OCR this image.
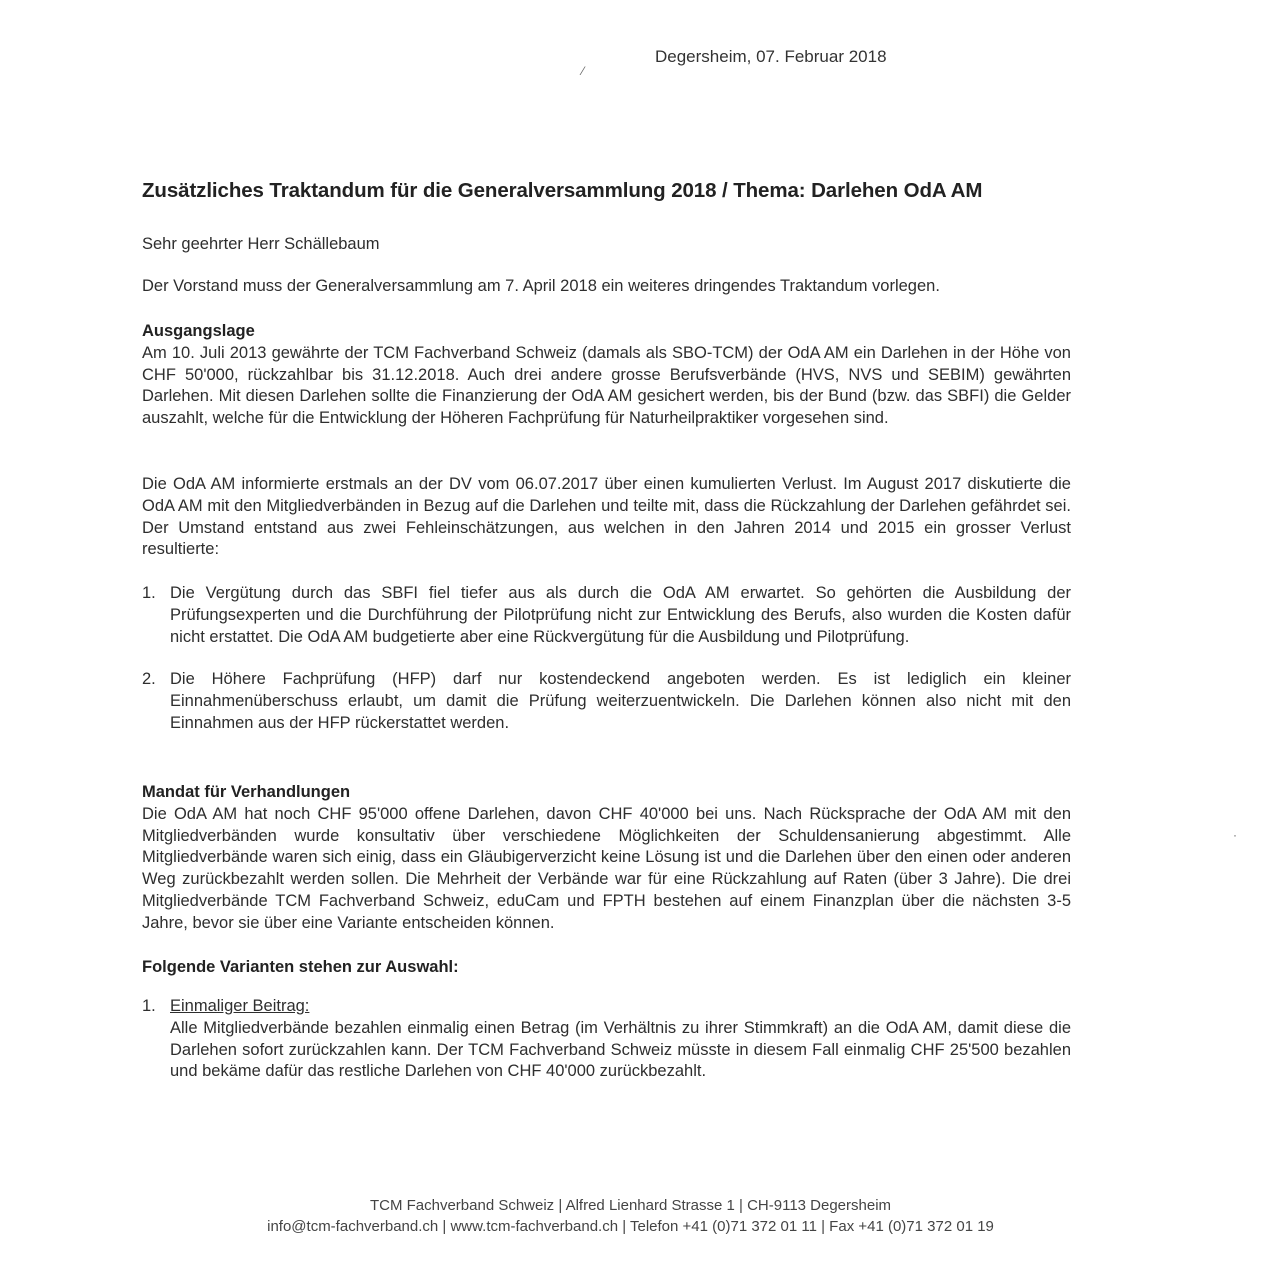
Degersheim, 07. Februar 2018
⁄
Zusätzliches Traktandum für die Generalversammlung 2018 / Thema: Darlehen OdA AM
Sehr geehrter Herr Schällebaum
Der Vorstand muss der Generalversammlung am 7. April 2018 ein weiteres dringendes Traktandum vorlegen.
Ausgangslage

Am 10. Juli 2013 gewährte der TCM Fachverband Schweiz (damals als SBO-TCM) der OdA AM ein Darlehen in der Höhe von CHF 50'000, rückzahlbar bis 31.12.2018. Auch drei andere grosse Berufsverbände (HVS, NVS und SEBIM) gewährten Darlehen. Mit diesen Darlehen sollte die Finanzierung der OdA AM gesichert werden, bis der Bund (bzw. das SBFI) die Gelder auszahlt, welche für die Entwicklung der Höheren Fachprüfung für Naturheilpraktiker vorgesehen sind.

Die OdA AM informierte erstmals an der DV vom 06.07.2017 über einen kumulierten Verlust. Im August 2017 diskutierte die OdA AM mit den Mitgliedverbänden in Bezug auf die Darlehen und teilte mit, dass die Rückzahlung der Darlehen gefährdet sei. Der Umstand entstand aus zwei Fehleinschätzungen, aus welchen in den Jahren 2014 und 2015 ein grosser Verlust resultierte:
1. Die Vergütung durch das SBFI fiel tiefer aus als durch die OdA AM erwartet. So gehörten die Ausbildung der Prüfungsexperten und die Durchführung der Pilotprüfung nicht zur Entwicklung des Berufs, also wurden die Kosten dafür nicht erstattet. Die OdA AM budgetierte aber eine Rückvergütung für die Ausbildung und Pilotprüfung.
2. Die Höhere Fachprüfung (HFP) darf nur kostendeckend angeboten werden. Es ist lediglich ein kleiner Einnahmenüberschuss erlaubt, um damit die Prüfung weiterzuentwickeln. Die Darlehen können also nicht mit den Einnahmen aus der HFP rückerstattet werden.
Mandat für Verhandlungen

Die OdA AM hat noch CHF 95'000 offene Darlehen, davon CHF 40'000 bei uns. Nach Rücksprache der OdA AM mit den Mitgliedverbänden wurde konsultativ über verschiedene Möglichkeiten der Schuldensanierung abgestimmt. Alle Mitgliedverbände waren sich einig, dass ein Gläubigerverzicht keine Lösung ist und die Darlehen über den einen oder anderen Weg zurückbezahlt werden sollen. Die Mehrheit der Verbände war für eine Rückzahlung auf Raten (über 3 Jahre). Die drei Mitgliedverbände TCM Fachverband Schweiz, eduCam und FPTH bestehen auf einem Finanzplan über die nächsten 3-5 Jahre, bevor sie über eine Variante entscheiden können.

Folgende Varianten stehen zur Auswahl:
1. Einmaliger Beitrag:
Alle Mitgliedverbände bezahlen einmalig einen Betrag (im Verhältnis zu ihrer Stimmkraft) an die OdA AM, damit diese die Darlehen sofort zurückzahlen kann. Der TCM Fachverband Schweiz müsste in diesem Fall einmalig CHF 25'500 bezahlen und bekäme dafür das restliche Darlehen von CHF 40'000 zurückbezahlt.
·
TCM Fachverband Schweiz | Alfred Lienhard Strasse 1 | CH-9113 Degersheim
info@tcm-fachverband.ch | www.tcm-fachverband.ch | Telefon +41 (0)71 372 01 11 | Fax +41 (0)71 372 01 19
